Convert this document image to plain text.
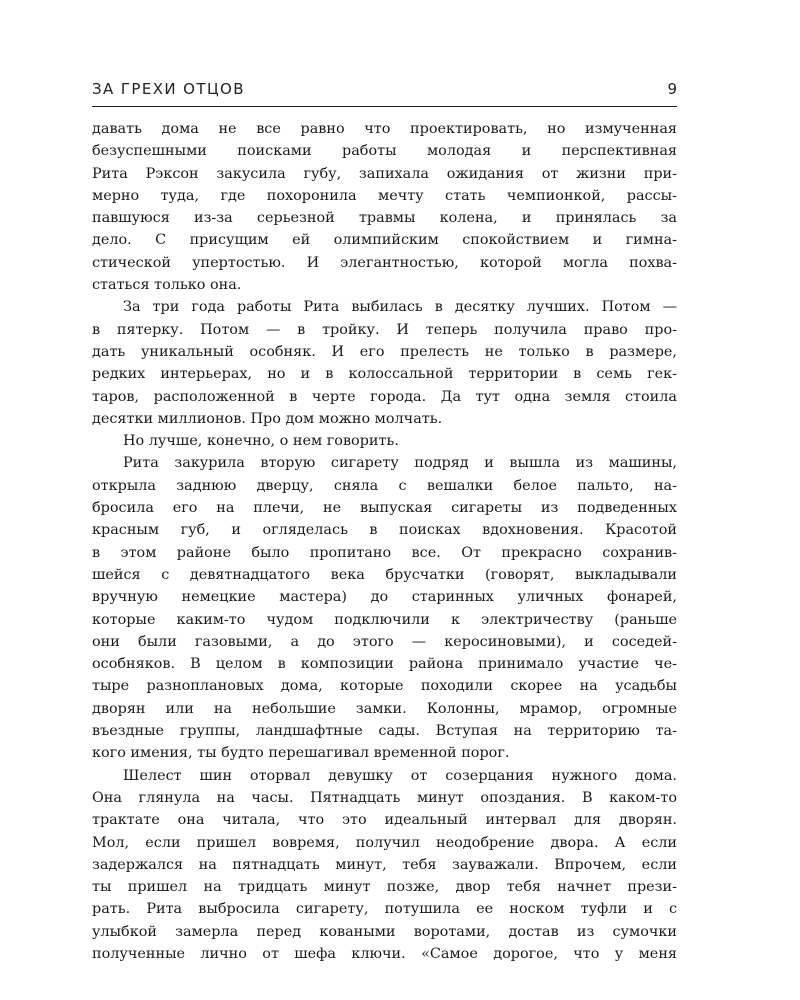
ЗА ГРЕХИ ОТЦОВ	9
давать дома не все равно что проектировать, но измученная
безуспешными поисками работы молодая и перспективная
Рита Рэксон закусила губу, запихала ожидания от жизни при-
мерно туда, где похоронила мечту стать чемпионкой, рассы-
павшуюся из-за серьезной травмы колена, и принялась за
дело. С присущим ей олимпийским спокойствием и гимна-
стической упертостью. И элегантностью, которой могла похва-
статься только она.
За три года работы Рита выбилась в десятку лучших. Потом —
в пятерку. Потом — в тройку. И теперь получила право про-
дать уникальный особняк. И его прелесть не только в размере,
редких интерьерах, но и в колоссальной территории в семь гек-
таров, расположенной в черте города. Да тут одна земля стоила
десятки миллионов. Про дом можно молчать.
Но лучше, конечно, о нем говорить.
Рита закурила вторую сигарету подряд и вышла из машины,
открыла заднюю дверцу, сняла с вешалки белое пальто, на-
бросила его на плечи, не выпуская сигареты из подведенных
красным губ, и огляделась в поисках вдохновения. Красотой
в этом районе было пропитано все. От прекрасно сохранив-
шейся с девятнадцатого века брусчатки (говорят, выкладывали
вручную немецкие мастера) до старинных уличных фонарей,
которые каким-то чудом подключили к электричеству (раньше
они были газовыми, а до этого — керосиновыми), и соседей-
особняков. В целом в композиции района принимало участие че-
тыре разноплановых дома, которые походили скорее на усадьбы
дворян или на небольшие замки. Колонны, мрамор, огромные
въездные группы, ландшафтные сады. Вступая на территорию та-
кого имения, ты будто перешагивал временной порог.
Шелест шин оторвал девушку от созерцания нужного дома.
Она глянула на часы. Пятнадцать минут опоздания. В каком-то
трактате она читала, что это идеальный интервал для дворян.
Мол, если пришел вовремя, получил неодобрение двора. А если
задержался на пятнадцать минут, тебя зауважали. Впрочем, если
ты пришел на тридцать минут позже, двор тебя начнет прези-
рать. Рита выбросила сигарету, потушила ее носком туфли и с
улыбкой замерла перед коваными воротами, достав из сумочки
полученные лично от шефа ключи. «Самое дорогое, что у меня
